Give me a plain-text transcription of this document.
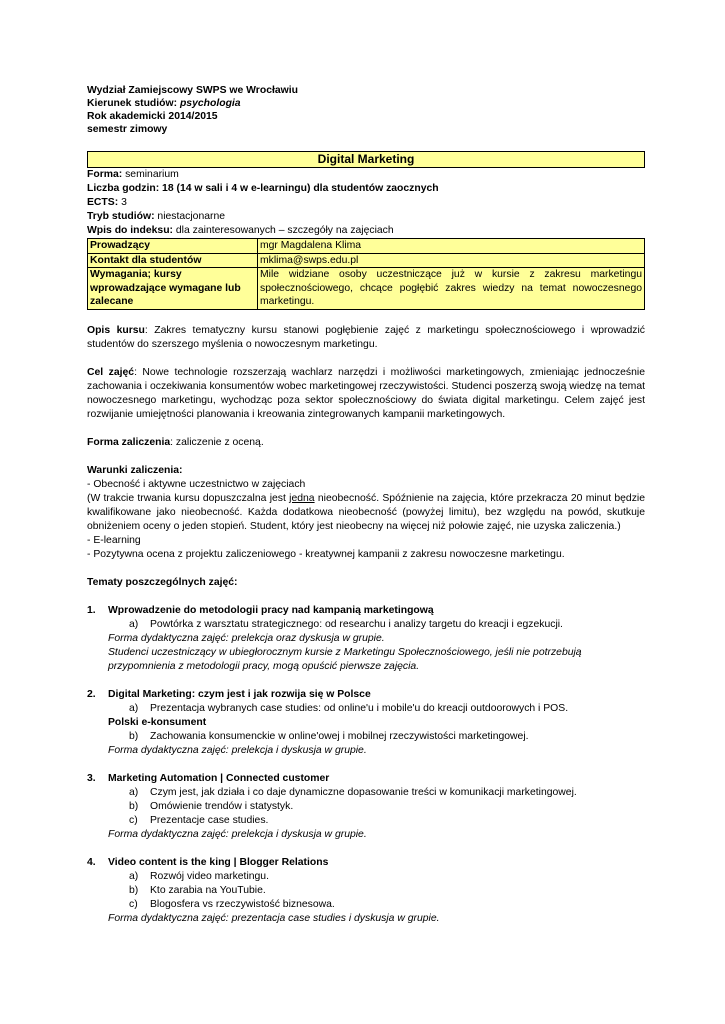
Wydział Zamiejscowy SWPS we Wrocławiu
Kierunek studiów: psychologia
Rok akademicki 2014/2015
semestr zimowy
Digital Marketing
Forma: seminarium
Liczba godzin: 18 (14 w sali i 4 w e-learningu) dla studentów zaocznych
ECTS: 3
Tryb studiów: niestacjonarne
Wpis do indeksu: dla zainteresowanych – szczegóły na zajęciach
Prowadzący	mgr Magdalena Klima
Kontakt dla studentów	mklima@swps.edu.pl
Wymagania; kursy wprowadzające wymagane lub zalecane	Mile widziane osoby uczestniczące już w kursie z zakresu marketingu społecznościowego, chcące pogłębić zakres wiedzy na temat nowoczesnego marketingu.

Opis kursu: Zakres tematyczny kursu stanowi pogłębienie zajęć z marketingu społecznościowego i wprowadzić studentów do szerszego myślenia o nowoczesnym marketingu.

Cel zajęć: Nowe technologie rozszerzają wachlarz narzędzi i możliwości marketingowych, zmieniając jednocześnie zachowania i oczekiwania konsumentów wobec marketingowej rzeczywistości. Studenci poszerzą swoją wiedzę na temat nowoczesnego marketingu, wychodząc poza sektor społecznościowy do świata digital marketingu. Celem zajęć jest rozwijanie umiejętności planowania i kreowania zintegrowanych kampanii marketingowych.

Forma zaliczenia: zaliczenie z oceną.

Warunki zaliczenia:

- Obecność i aktywne uczestnictwo w zajęciach

(W trakcie trwania kursu dopuszczalna jest jedna nieobecność. Spóźnienie na zajęcia, które przekracza 20 minut będzie kwalifikowane jako nieobecność. Każda dodatkowa nieobecność (powyżej limitu), bez względu na powód, skutkuje obniżeniem oceny o jeden stopień. Student, który jest nieobecny na więcej niż połowie zajęć, nie uzyska zaliczenia.)

- E-learning

- Pozytywna ocena z projektu zaliczeniowego - kreatywnej kampanii z zakresu nowoczesne marketingu.

Tematy poszczególnych zajęć:

1. Wprowadzenie do metodologii pracy nad kampanią marketingową
a) Powtórka z warsztatu strategicznego: od researchu i analizy targetu do kreacji i egzekucji.
Forma dydaktyczna zajęć: prelekcja oraz dyskusja w grupie.
Studenci uczestniczący w ubiegłorocznym kursie z Marketingu Społecznościowego, jeśli nie potrzebują przypomnienia z metodologii pracy, mogą opuścić pierwsze zajęcia.
2. Digital Marketing: czym jest i jak rozwija się w Polsce
a) Prezentacja wybranych case studies: od online'u i mobile'u do kreacji outdoorowych i POS.
Polski e-konsument
b) Zachowania konsumenckie w online'owej i mobilnej rzeczywistości marketingowej.
Forma dydaktyczna zajęć: prelekcja i dyskusja w grupie.
3. Marketing Automation | Connected customer
a) Czym jest, jak działa i co daje dynamiczne dopasowanie treści w komunikacji marketingowej.
b) Omówienie trendów i statystyk.
c) Prezentacje case studies.
Forma dydaktyczna zajęć: prelekcja i dyskusja w grupie.
4. Video content is the king | Blogger Relations
a) Rozwój video marketingu.
b) Kto zarabia na YouTubie.
c) Blogosfera vs rzeczywistość biznesowa.
Forma dydaktyczna zajęć: prezentacja case studies i dyskusja w grupie.
